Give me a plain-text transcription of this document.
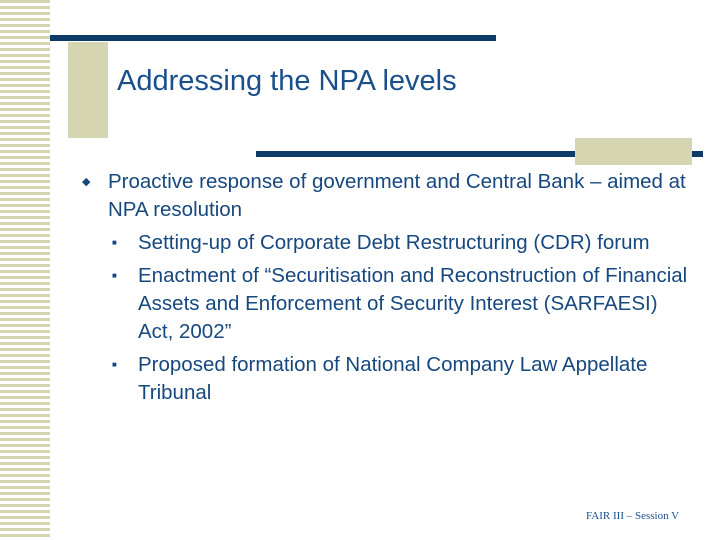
Addressing the NPA levels
◆ Proactive response of government and Central Bank – aimed at NPA resolution
■ Setting-up of Corporate Debt Restructuring (CDR) forum
■ Enactment of “Securitisation and Reconstruction of Financial Assets and Enforcement of Security Interest (SARFAESI) Act, 2002”
■ Proposed formation of National Company Law Appellate Tribunal
FAIR III – Session V
